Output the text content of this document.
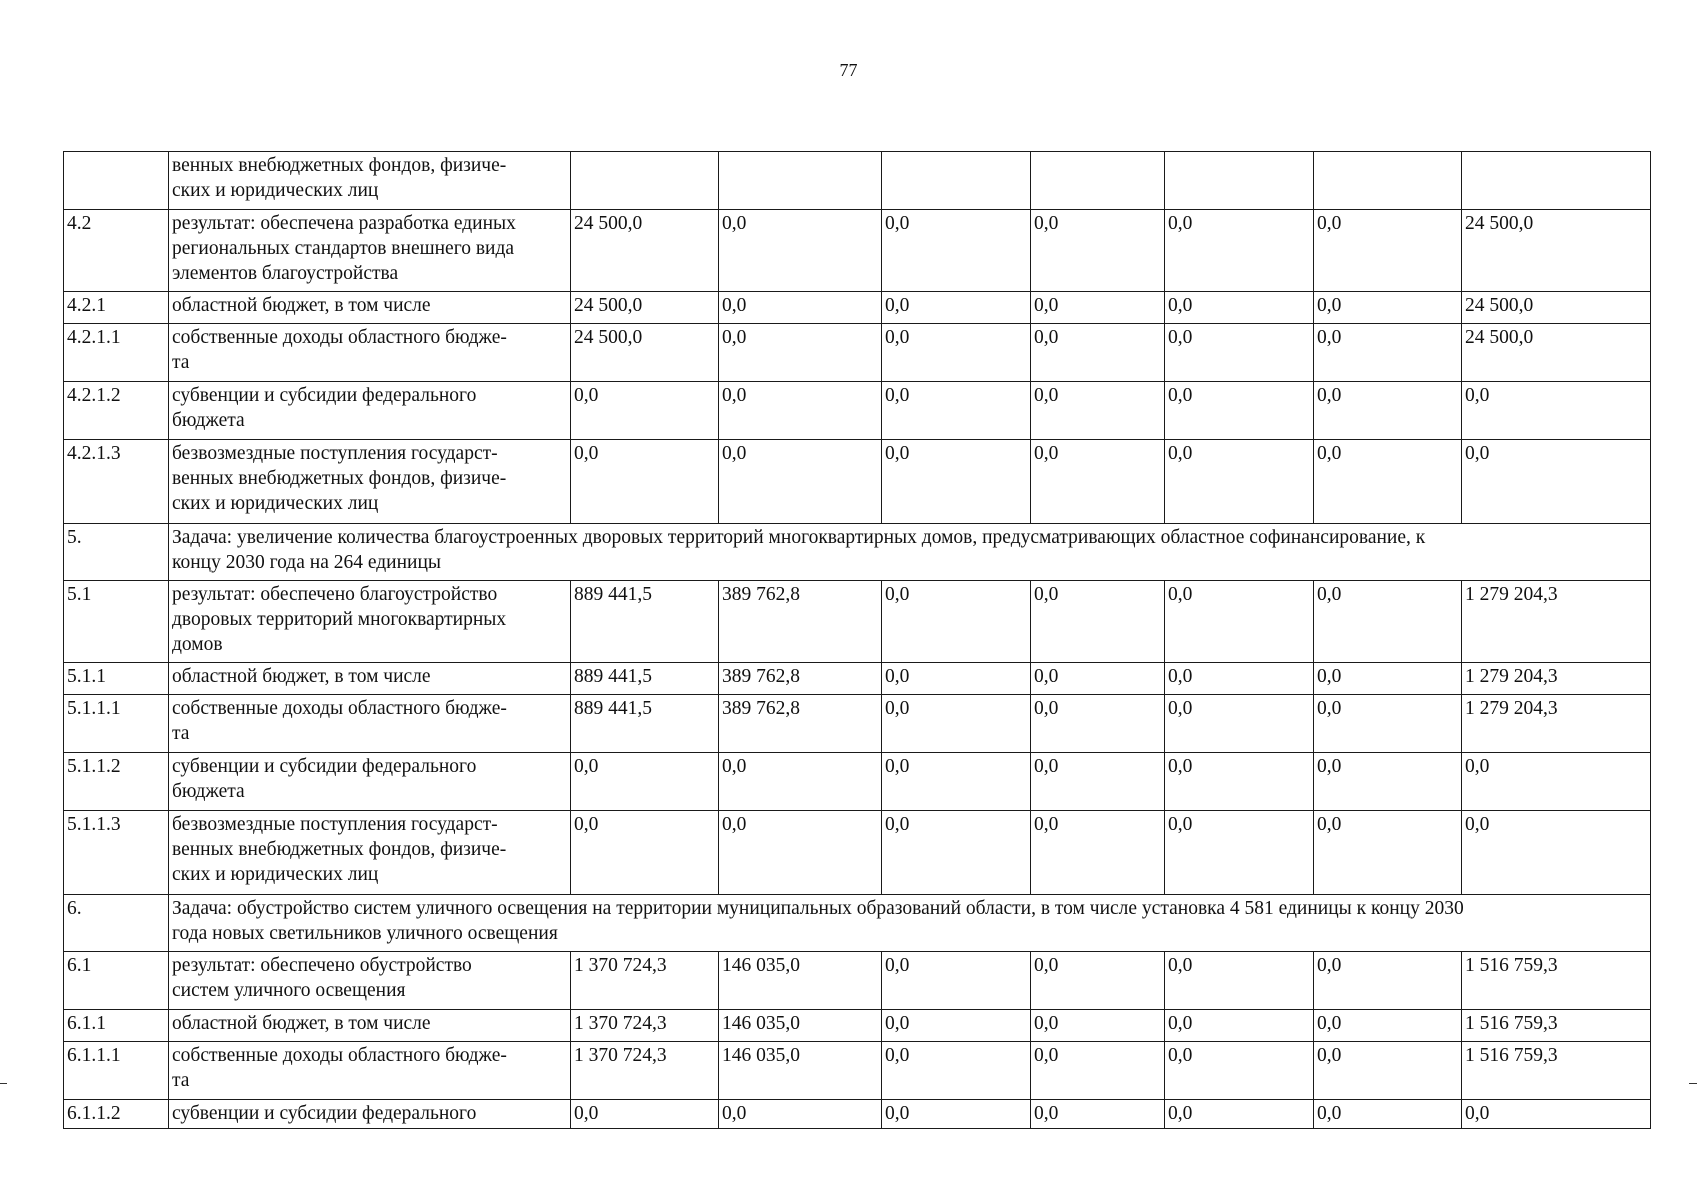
77
	венных внебюджетных фондов, физиче-
ских и юридических лиц							
4.2	результат: обеспечена разработка единых
региональных стандартов внешнего вида
элементов благоустройства	24 500,0	0,0	0,0	0,0	0,0	0,0	24 500,0
4.2.1	областной бюджет, в том числе	24 500,0	0,0	0,0	0,0	0,0	0,0	24 500,0
4.2.1.1	собственные доходы областного бюдже-
та	24 500,0	0,0	0,0	0,0	0,0	0,0	24 500,0
4.2.1.2	субвенции и субсидии федерального
бюджета	0,0	0,0	0,0	0,0	0,0	0,0	0,0
4.2.1.3	безвозмездные поступления государст-
венных внебюджетных фондов, физиче-
ских и юридических лиц	0,0	0,0	0,0	0,0	0,0	0,0	0,0
5.	Задача: увеличение количества благоустроенных дворовых территорий многоквартирных домов, предусматривающих областное софинансирование, к
концу 2030 года на 264 единицы							
5.1	результат: обеспечено благоустройство
дворовых территорий многоквартирных
домов	889 441,5	389 762,8	0,0	0,0	0,0	0,0	1 279 204,3
5.1.1	областной бюджет, в том числе	889 441,5	389 762,8	0,0	0,0	0,0	0,0	1 279 204,3
5.1.1.1	собственные доходы областного бюдже-
та	889 441,5	389 762,8	0,0	0,0	0,0	0,0	1 279 204,3
5.1.1.2	субвенции и субсидии федерального
бюджета	0,0	0,0	0,0	0,0	0,0	0,0	0,0
5.1.1.3	безвозмездные поступления государст-
венных внебюджетных фондов, физиче-
ских и юридических лиц	0,0	0,0	0,0	0,0	0,0	0,0	0,0
6.	Задача: обустройство систем уличного освещения на территории муниципальных образований области, в том числе установка 4 581 единицы к концу 2030
года новых светильников уличного освещения							
6.1	результат: обеспечено обустройство
систем уличного освещения	1 370 724,3	146 035,0	0,0	0,0	0,0	0,0	1 516 759,3
6.1.1	областной бюджет, в том числе	1 370 724,3	146 035,0	0,0	0,0	0,0	0,0	1 516 759,3
6.1.1.1	собственные доходы областного бюдже-
та	1 370 724,3	146 035,0	0,0	0,0	0,0	0,0	1 516 759,3
6.1.1.2	субвенции и субсидии федерального	0,0	0,0	0,0	0,0	0,0	0,0	0,0
